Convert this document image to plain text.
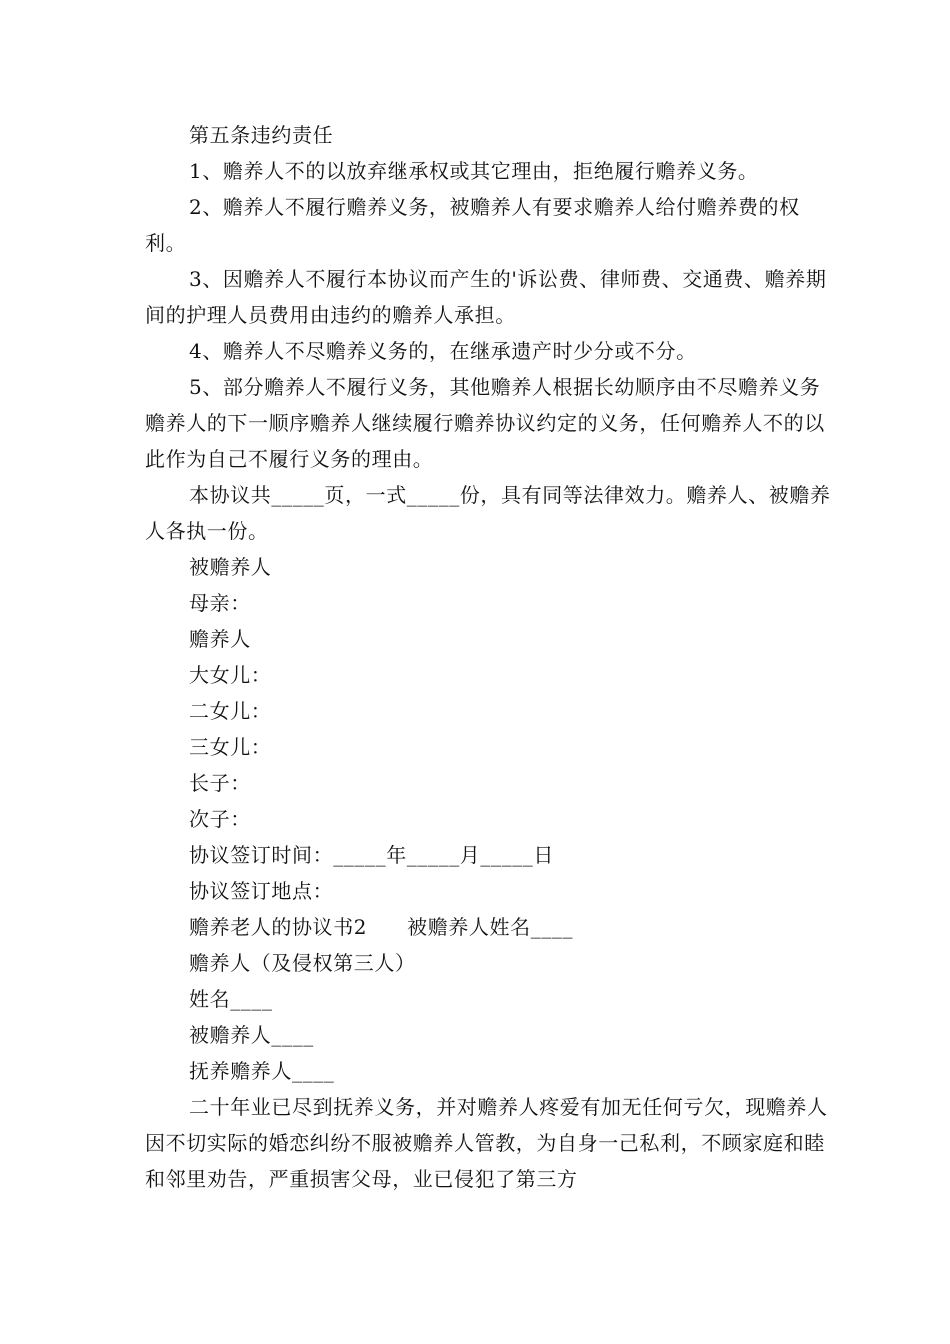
第五条违约责任

1、赡养人不的以放弃继承权或其它理由，拒绝履行赡养义务。

2、赡养人不履行赡养义务，被赡养人有要求赡养人给付赡养费的权利。

3、因赡养人不履行本协议而产生的'诉讼费、律师费、交通费、赡养期间的护理人员费用由违约的赡养人承担。

4、赡养人不尽赡养义务的，在继承遗产时少分或不分。

5、部分赡养人不履行义务，其他赡养人根据长幼顺序由不尽赡养义务赡养人的下一顺序赡养人继续履行赡养协议约定的义务，任何赡养人不的以此作为自己不履行义务的理由。

本协议共_____页，一式_____份，具有同等法律效力。赡养人、被赡养人各执一份。

被赡养人

母亲：

赡养人

大女儿：

二女儿：

三女儿：

长子：

次子：

协议签订时间：_____年_____月_____日

协议签订地点：

赡养老人的协议书2 被赡养人姓名____

赡养人（及侵权第三人）

姓名____

被赡养人____

抚养赡养人____

二十年业已尽到抚养义务，并对赡养人疼爱有加无任何亏欠，现赡养人因不切实际的婚恋纠纷不服被赡养人管教，为自身一己私利，不顾家庭和睦和邻里劝告，严重损害父母，业已侵犯了第三方
